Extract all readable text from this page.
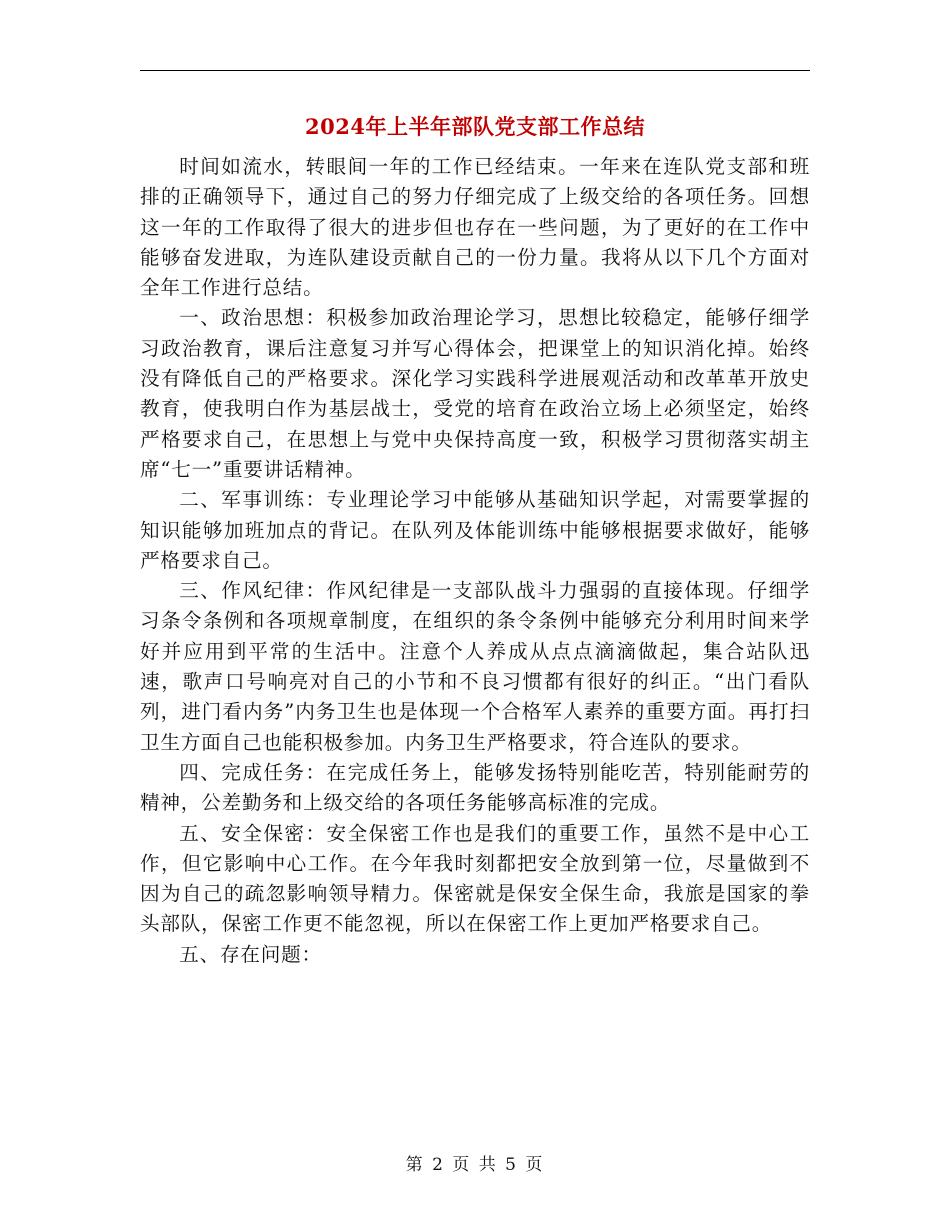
2024年上半年部队党支部工作总结

时间如流水，转眼间一年的工作已经结束。一年来在连队党支部和班排的正确领导下，通过自己的努力仔细完成了上级交给的各项任务。回想这一年的工作取得了很大的进步但也存在一些问题，为了更好的在工作中能够奋发进取，为连队建设贡献自己的一份力量。我将从以下几个方面对全年工作进行总结。

一、政治思想：积极参加政治理论学习，思想比较稳定，能够仔细学习政治教育，课后注意复习并写心得体会，把课堂上的知识消化掉。始终没有降低自己的严格要求。深化学习实践科学进展观活动和改革革开放史教育，使我明白作为基层战士，受党的培育在政治立场上必须坚定，始终严格要求自己，在思想上与党中央保持高度一致，积极学习贯彻落实胡主席“七一”重要讲话精神。

二、军事训练：专业理论学习中能够从基础知识学起，对需要掌握的知识能够加班加点的背记。在队列及体能训练中能够根据要求做好，能够严格要求自己。

三、作风纪律：作风纪律是一支部队战斗力强弱的直接体现。仔细学习条令条例和各项规章制度，在组织的条令条例中能够充分利用时间来学好并应用到平常的生活中。注意个人养成从点点滴滴做起，集合站队迅速，歌声口号响亮对自己的小节和不良习惯都有很好的纠正。“出门看队列，进门看内务”内务卫生也是体现一个合格军人素养的重要方面。再打扫卫生方面自己也能积极参加。内务卫生严格要求，符合连队的要求。

四、完成任务：在完成任务上，能够发扬特别能吃苦，特别能耐劳的精神，公差勤务和上级交给的各项任务能够高标准的完成。

五、安全保密：安全保密工作也是我们的重要工作，虽然不是中心工作，但它影响中心工作。在今年我时刻都把安全放到第一位，尽量做到不因为自己的疏忽影响领导精力。保密就是保安全保生命，我旅是国家的拳头部队，保密工作更不能忽视，所以在保密工作上更加严格要求自己。

五、存在问题：

第 2 页 共 5 页
